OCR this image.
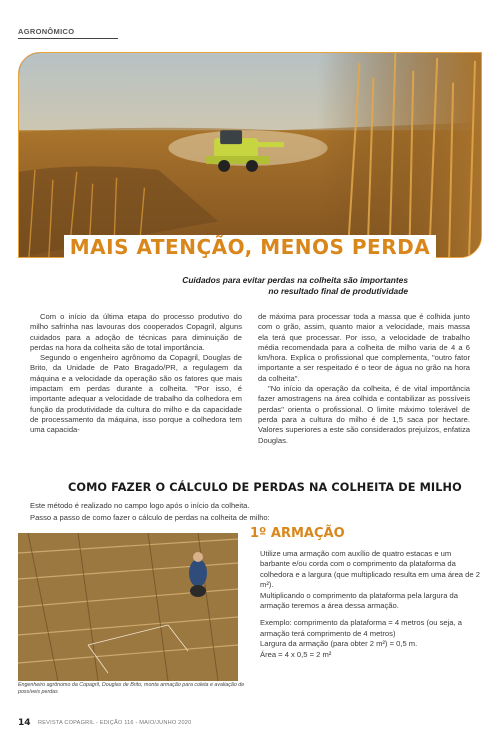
AGRONÔMICO
MAIS ATENÇÃO, MENOS PERDA
Cuidados para evitar perdas na colheita são importantes
no resultado final de produtividade

Com o início da última etapa do processo produtivo do milho safrinha nas lavouras dos cooperados Copagril, alguns cuidados para a adoção de técnicas para diminuição de perdas na hora da colheita são de total importância.

Segundo o engenheiro agrônomo da Copagril, Douglas de Brito, da Unidade de Pato Bragado/PR, a regulagem da máquina e a velocidade da operação são os fatores que mais impactam em perdas durante a colheita. "Por isso, é importante adequar a velocidade de trabalho da colhedora em função da produtividade da cultura do milho e da capacidade de processamento da máquina, isso porque a colhedora tem uma capacida-

de máxima para processar toda a massa que é colhida junto com o grão, assim, quanto maior a velocidade, mais massa ela terá que processar. Por isso, a velocidade de trabalho média recomendada para a colheita de milho varia de 4 a 6 km/hora. Explica o profissional que complementa, "outro fator importante a ser respeitado é o teor de água no grão na hora da colheita".

"No início da operação da colheita, é de vital importância fazer amostragens na área colhida e contabilizar as possíveis perdas" orienta o profissional. O limite máximo tolerável de perda para a cultura do milho é de 1,5 saca por hectare. Valores superiores a este são considerados prejuízos, enfatiza Douglas.

COMO FAZER O CÁLCULO DE PERDAS NA COLHEITA DE MILHO
Este método é realizado no campo logo após o início da colheita.
Passo a passo de como fazer o cálculo de perdas na colheita de milho:
Engenheiro agrônomo da Copagril, Douglas de Brito, monta armação para coleta e avaliação de possíveis perdas
1º ARMAÇÃO

Utilize uma armação com auxílio de quatro estacas e um barbante e/ou corda com o comprimento da plataforma da colhedora e a largura (que multiplicado resulta em uma área de 2 m²).

Multiplicando o comprimento da plataforma pela largura da armação teremos a área dessa armação.

Exemplo: comprimento da plataforma = 4 metros (ou seja, a armação terá comprimento de 4 metros)

Largura da armação (para obter 2 m²) = 0,5 m.

Área = 4 x 0,5 = 2 m²

14 REVISTA COPAGRIL - EDIÇÃO 116 - MAIO/JUNHO 2020
